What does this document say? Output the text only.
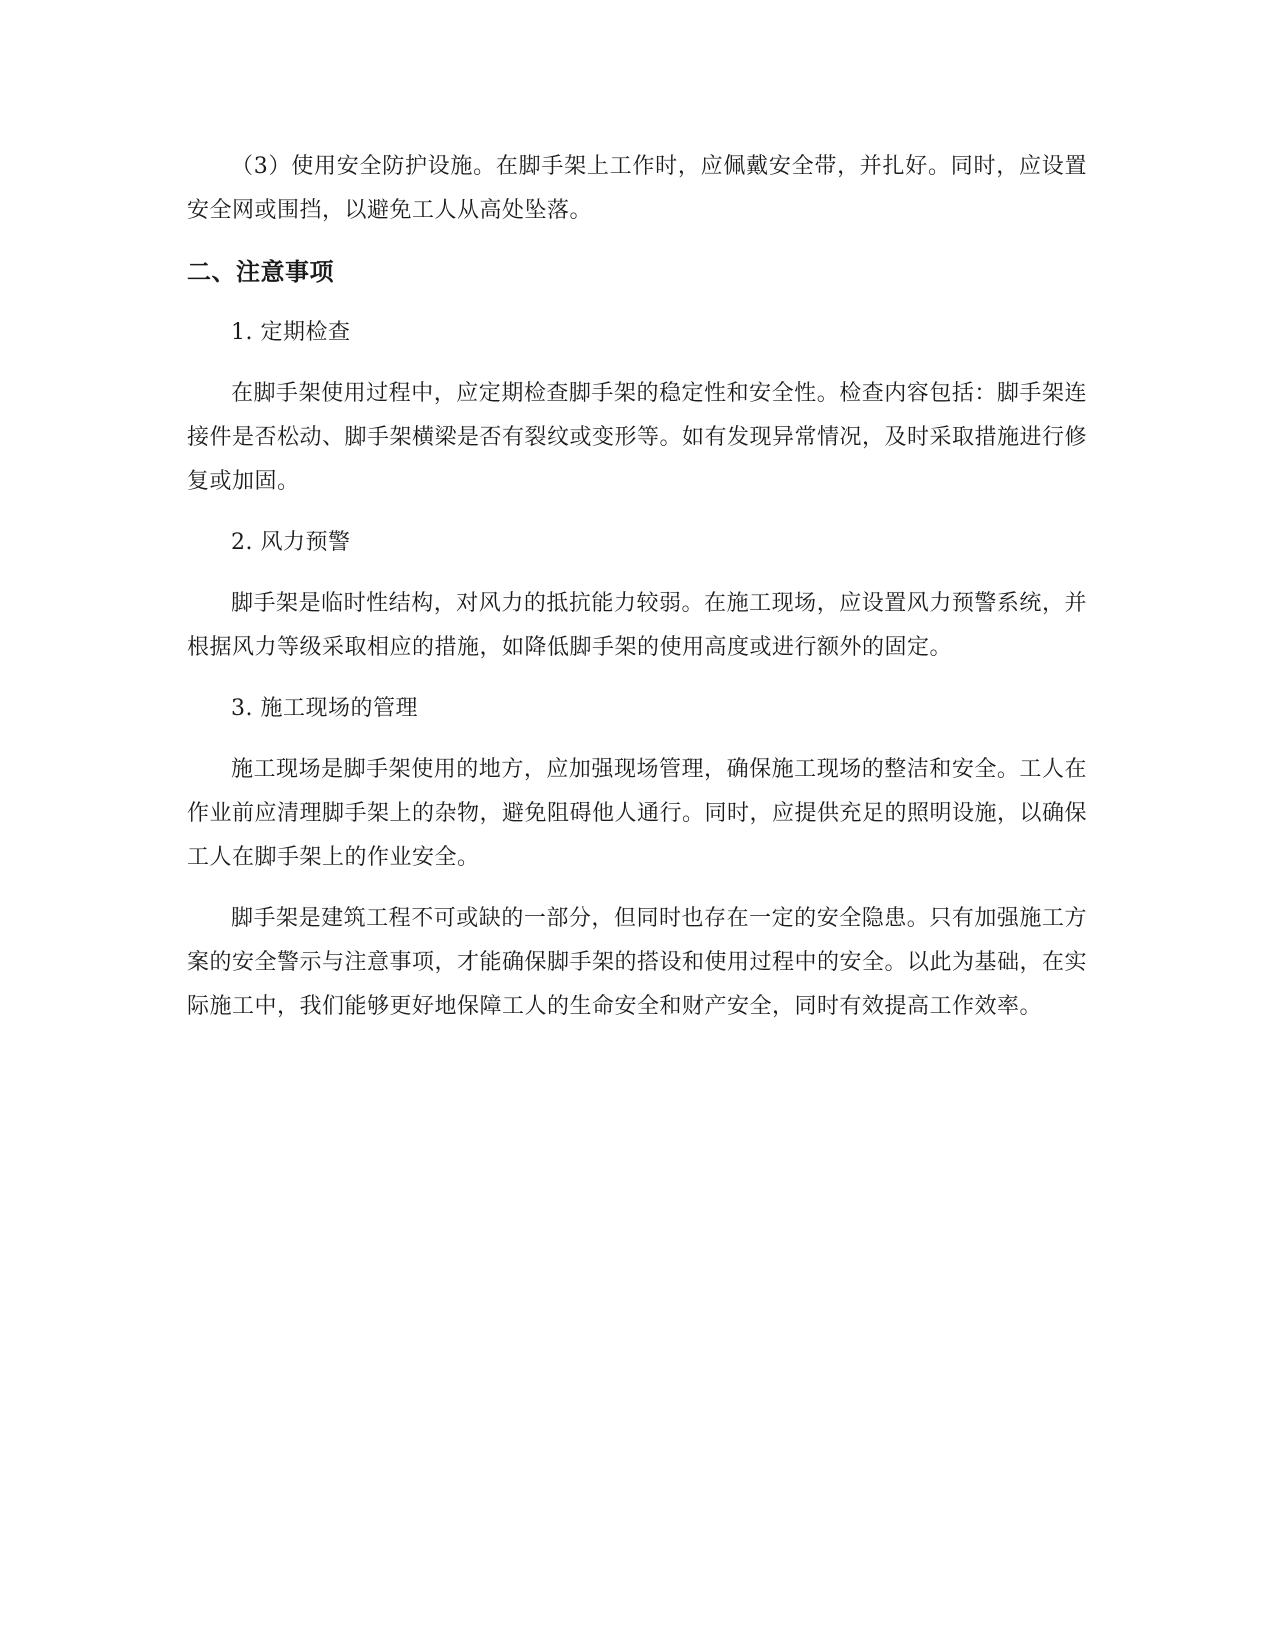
（3）使用安全防护设施。在脚手架上工作时，应佩戴安全带，并扎好。同时，应设置安全网或围挡，以避免工人从高处坠落。

二、注意事项

1. 定期检查

在脚手架使用过程中，应定期检查脚手架的稳定性和安全性。检查内容包括：脚手架连接件是否松动、脚手架横梁是否有裂纹或变形等。如有发现异常情况，及时采取措施进行修复或加固。

2. 风力预警

脚手架是临时性结构，对风力的抵抗能力较弱。在施工现场，应设置风力预警系统，并根据风力等级采取相应的措施，如降低脚手架的使用高度或进行额外的固定。

3. 施工现场的管理

施工现场是脚手架使用的地方，应加强现场管理，确保施工现场的整洁和安全。工人在作业前应清理脚手架上的杂物，避免阻碍他人通行。同时，应提供充足的照明设施，以确保工人在脚手架上的作业安全。

脚手架是建筑工程不可或缺的一部分，但同时也存在一定的安全隐患。只有加强施工方案的安全警示与注意事项，才能确保脚手架的搭设和使用过程中的安全。以此为基础，在实际施工中，我们能够更好地保障工人的生命安全和财产安全，同时有效提高工作效率。
